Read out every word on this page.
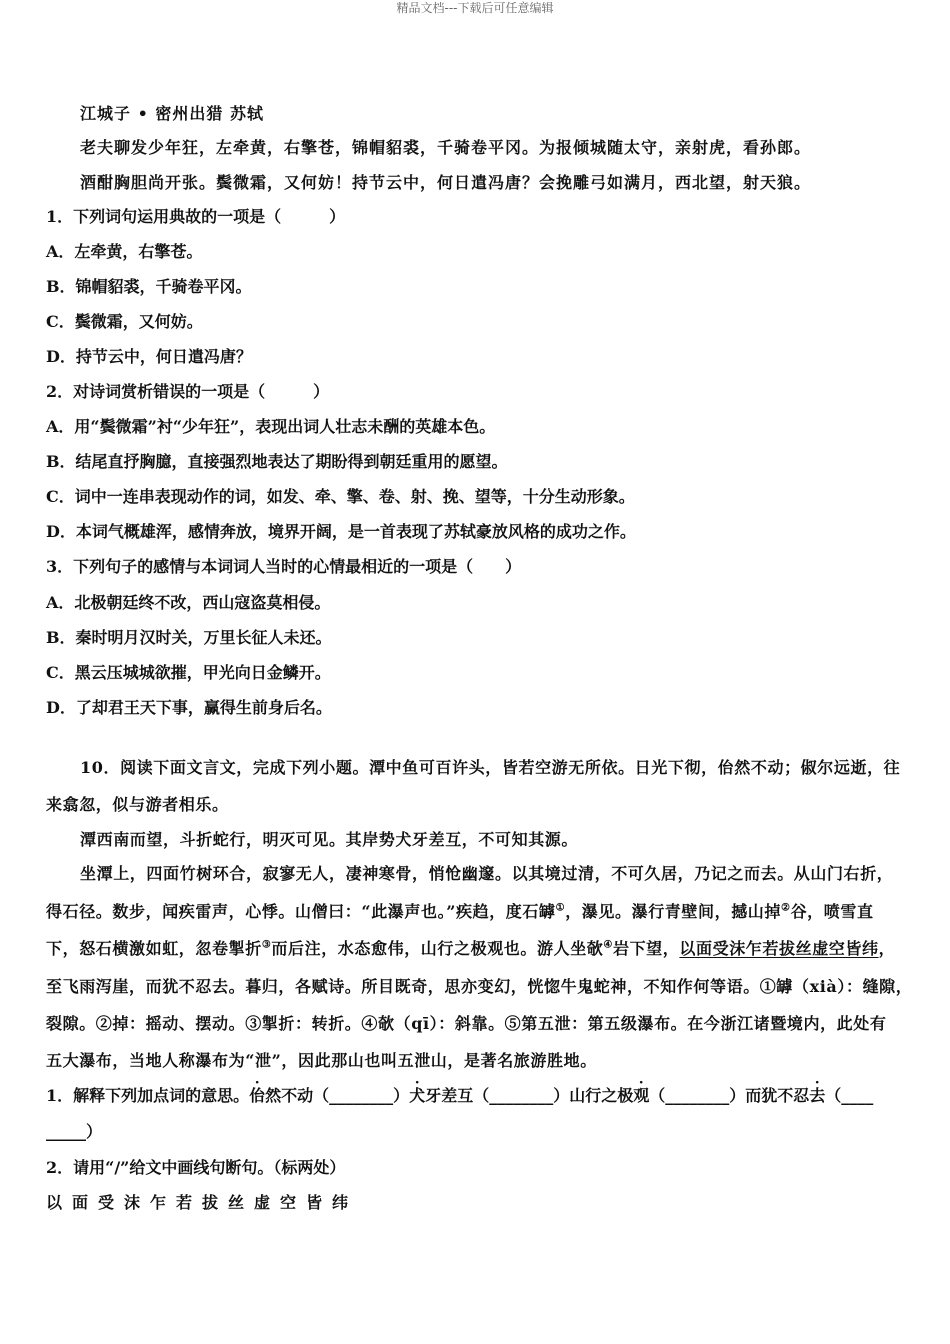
精品文档---下载后可任意编辑
江城子 • 密州出猎 苏轼
老夫聊发少年狂，左牵黄，右擎苍，锦帽貂裘，千骑卷平冈。为报倾城随太守，亲射虎，看孙郎。
酒酣胸胆尚开张。鬓微霜，又何妨！持节云中，何日遣冯唐？会挽雕弓如满月，西北望，射天狼。
1．下列词句运用典故的一项是（　　　）
A．左牵黄，右擎苍。
B．锦帽貂裘，千骑卷平冈。
C．鬓微霜，又何妨。
D．持节云中，何日遣冯唐？
2．对诗词赏析错误的一项是（　　　）
A．用“鬓微霜”衬“少年狂”，表现出词人壮志未酬的英雄本色。
B．结尾直抒胸臆，直接强烈地表达了期盼得到朝廷重用的愿望。
C．词中一连串表现动作的词，如发、牵、擎、卷、射、挽、望等，十分生动形象。
D．本词气概雄浑，感情奔放，境界开阔，是一首表现了苏轼豪放风格的成功之作。
3．下列句子的感情与本词词人当时的心情最相近的一项是（　　）
A．北极朝廷终不改，西山寇盗莫相侵。
B．秦时明月汉时关，万里长征人未还。
C．黑云压城城欲摧，甲光向日金鳞开。
D．了却君王天下事，赢得生前身后名。
10．阅读下面文言文，完成下列小题。潭中鱼可百许头，皆若空游无所依。日光下彻，佁然不动；俶尔远逝，往
来翕忽，似与游者相乐。
潭西南而望，斗折蛇行，明灭可见。其岸势犬牙差互，不可知其源。
坐潭上，四面竹树环合，寂寥无人，凄神寒骨，悄怆幽邃。以其境过清，不可久居，乃记之而去。从山门右折，
得石径。数步，闻疾雷声，心悸。山僧曰：“此瀑声也。”疾趋，度石罅①，瀑见。瀑行青壁间，撼山掉②谷，喷雪直
下，怒石横激如虹，忽卷掣折③而后注，水态愈伟，山行之极观也。游人坐欹④岩下望，以面受沫乍若拔丝虚空皆纬，
至飞雨泻崖，而犹不忍去。暮归，各赋诗。所目既奇，思亦变幻，恍惚牛鬼蛇神，不知作何等语。①罅（xià）：缝隙，
裂隙。②掉：摇动、摆动。③掣折：转折。④欹（qī）：斜靠。⑤第五泄：第五级瀑布。在今浙江诸暨境内，此处有
五大瀑布，当地人称瀑布为“泄”，因此那山也叫五泄山，是著名旅游胜地。
1．解释下列加点词的意思。佁然不动（________）犬牙差互（________）山行之极观（________）而犹不忍去（____
_____）
2．请用“/”给文中画线句断句。（标两处）
以面受沫乍若拔丝虚空皆纬
